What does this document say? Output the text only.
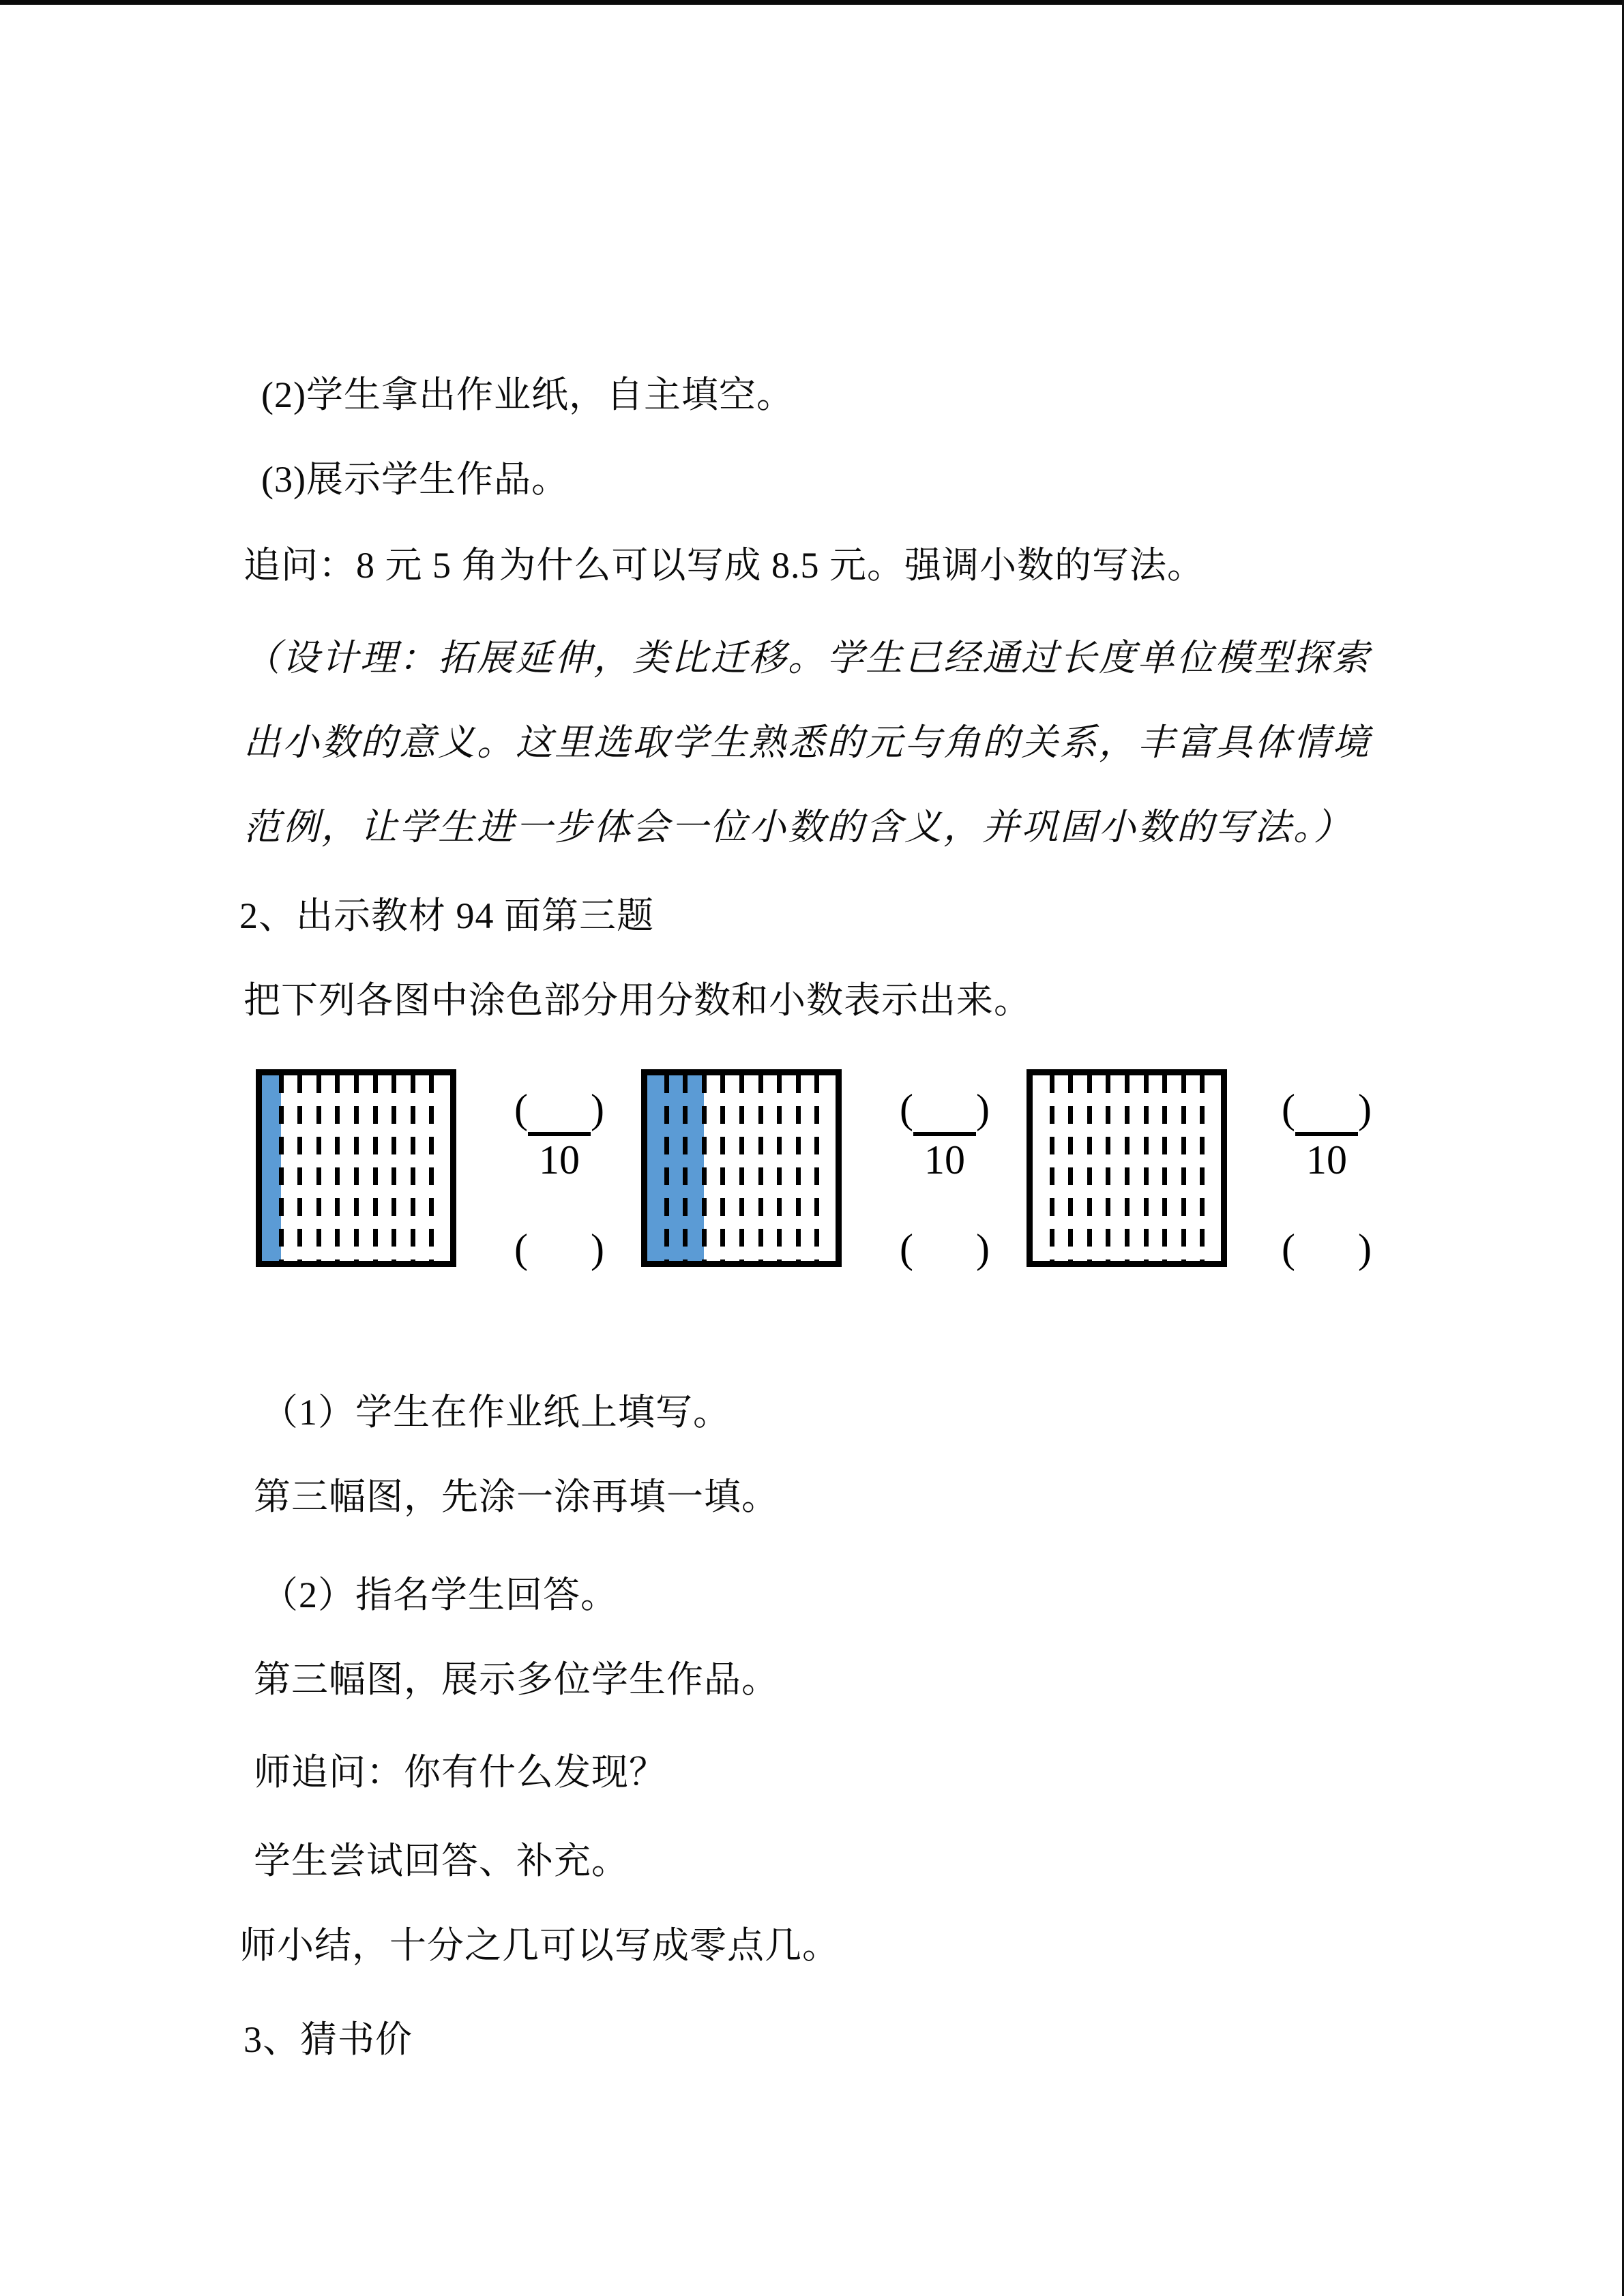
(2)学生拿出作业纸，自主填空。
(3)展示学生作品。
追问：8 元 5 角为什么可以写成 8.5 元。强调小数的写法。
（设计理：拓展延伸，类比迁移。学生已经通过长度单位模型探索
出小数的意义。这里选取学生熟悉的元与角的关系，丰富具体情境
范例，让学生进一步体会一位小数的含义，并巩固小数的写法。）
2、出示教材 94 面第三题
把下列各图中涂色部分用分数和小数表示出来。
（1）学生在作业纸上填写。
第三幅图，先涂一涂再填一填。
（2）指名学生回答。
第三幅图，展示多位学生作品。
师追问：你有什么发现？
学生尝试回答、补充。
师小结，十分之几可以写成零点几。
3、猜书价
( )
10
( )
( )
10
( )
( )
10
( )
